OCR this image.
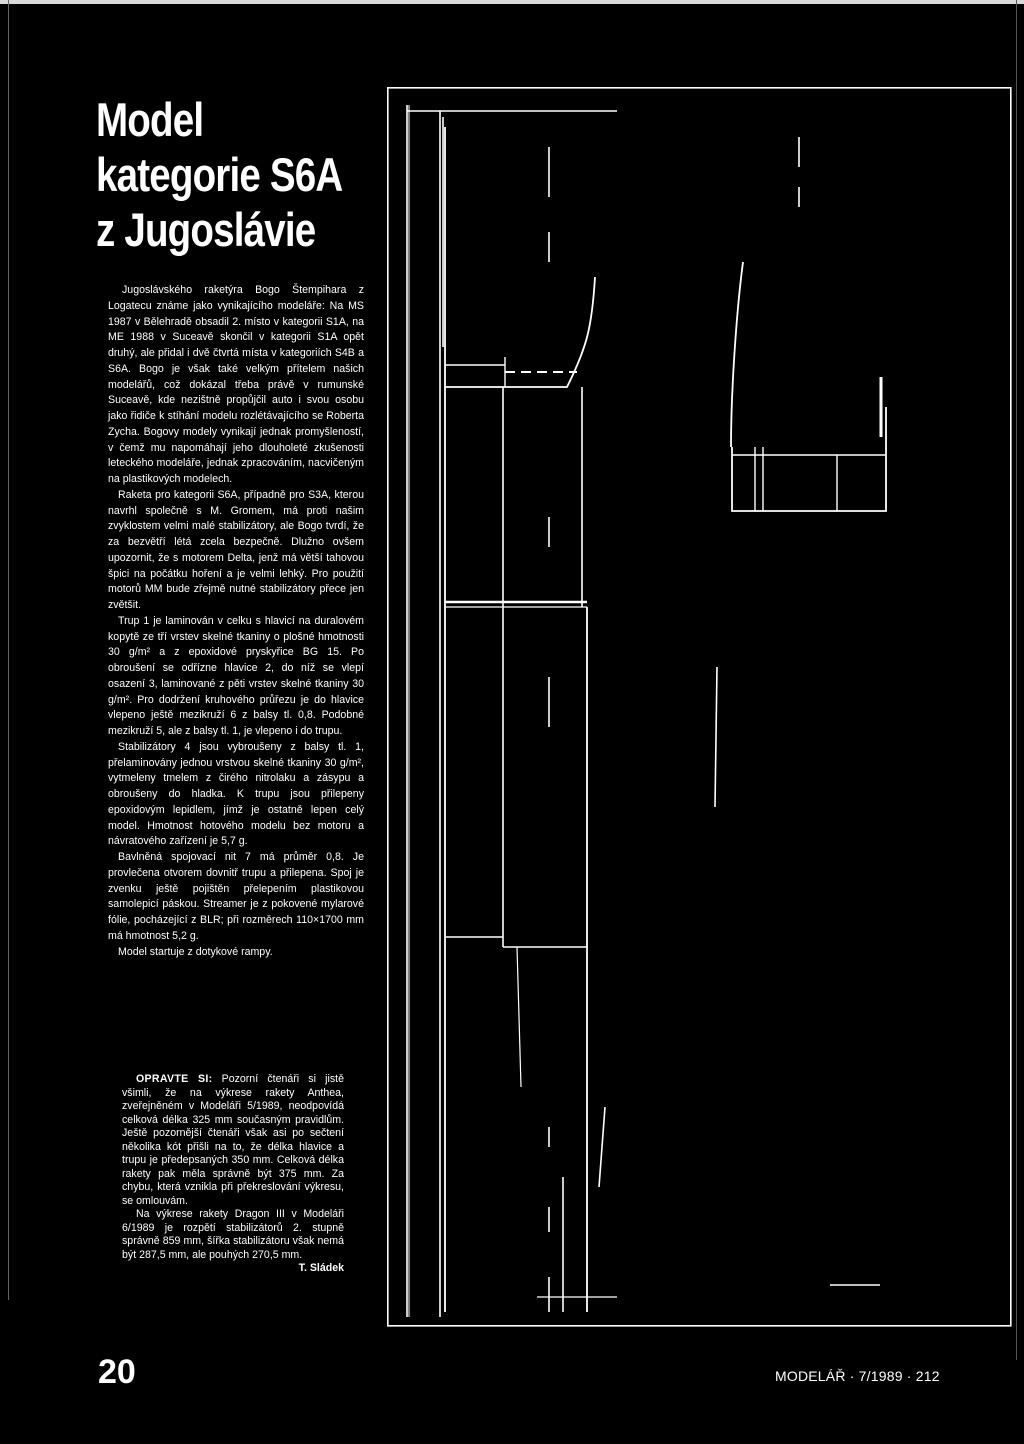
Model
kategorie S6A
z Jugoslávie

Jugoslávského raketýra Bogo Štempihara z Logatecu známe jako vynikajícího modeláře: Na MS 1987 v Bělehradě obsadil 2. místo v kategorii S1A, na ME 1988 v Suceavě skončil v kategorii S1A opět druhý, ale přidal i dvě čtvrtá místa v kategoriích S4B a S6A. Bogo je však také velkým přítelem našich modelářů, což dokázal třeba právě v rumunské Suceavě, kde nezištně propůjčil auto i svou osobu jako řidiče k stíhání modelu rozlétávajícího se Roberta Zycha. Bogovy modely vynikají jednak promyšleností, v čemž mu napomáhají jeho dlouholeté zkušenosti leteckého modeláře, jednak zpracováním, nacvičeným na plastikových modelech.

Raketa pro kategorii S6A, případně pro S3A, kterou navrhl společně s M. Gromem, má proti našim zvyklostem velmi malé stabilizátory, ale Bogo tvrdí, že za bezvětří létá zcela bezpečně. Dlužno ovšem upozornit, že s motorem Delta, jenž má větší tahovou špici na počátku hoření a je velmi lehký. Pro použití motorů MM bude zřejmě nutné stabilizátory přece jen zvětšit.

Trup 1 je laminován v celku s hlavicí na duralovém kopytě ze tří vrstev skelné tkaniny o plošné hmotnosti 30 g/m² a z epoxidové pryskyřice BG 15. Po obroušení se odřízne hlavice 2, do níž se vlepí osazení 3, laminované z pěti vrstev skelné tkaniny 30 g/m². Pro dodržení kruhového průřezu je do hlavice vlepeno ještě mezikruží 6 z balsy tl. 0,8. Podobné mezikruží 5, ale z balsy tl. 1, je vlepeno i do trupu.

Stabilizátory 4 jsou vybroušeny z balsy tl. 1, přelaminovány jednou vrstvou skelné tkaniny 30 g/m², vytmeleny tmelem z čirého nitrolaku a zásypu a obroušeny do hladka. K trupu jsou přilepeny epoxidovým lepidlem, jímž je ostatně lepen celý model. Hmotnost hotového modelu bez motoru a návratového zařízení je 5,7 g.

Bavlněná spojovací nit 7 má průměr 0,8. Je provlečena otvorem dovnitř trupu a přilepena. Spoj je zvenku ještě pojištěn přelepením plastikovou samolepicí páskou. Streamer je z pokovené mylarové fólie, pocházející z BLR; při rozměrech 110×1700 mm má hmotnost 5,2 g.

Model startuje z dotykové rampy.

OPRAVTE SI: Pozorní čtenáři si jistě všimli, že na výkrese rakety Anthea, zveřejněném v Modeláři 5/1989, neodpovídá celková délka 325 mm současným pravidlům. Ještě pozornější čtenáři však asi po sečtení několika kót přišli na to, že délka hlavice a trupu je předepsaných 350 mm. Celková délka rakety pak měla správně být 375 mm. Za chybu, která vznikla při překreslování výkresu, se omlouvám.

Na výkrese rakety Dragon III v Modeláři 6/1989 je rozpětí stabilizátorů 2. stupně správně 859 mm, šířka stabilizátoru však nemá být 287,5 mm, ale pouhých 270,5 mm.

T. Sládek

20	MODELÁŘ · 7/1989 · 212
